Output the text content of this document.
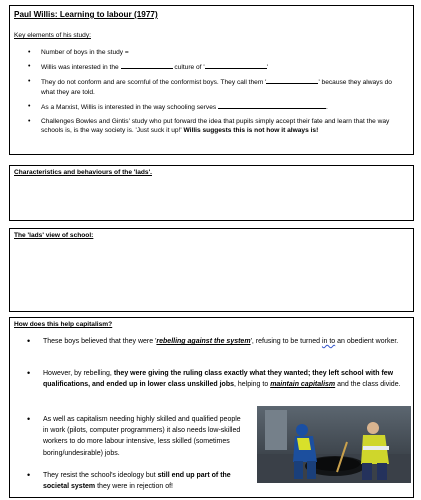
Paul Willis: Learning to labour (1977)
Key elements of his study:
• Number of boys in the study =
• Willis was interested in the	culture of '	'
• They do not conform and are scornful of the conformist boys. They call them '	' because they always do what they are told.
• As a Marxist, Willis is interested in the way schooling serves	.
• Challenges Bowles and Gintis' study who put forward the idea that pupils simply accept their fate and learn that the way schools is, is the way society is. 'Just suck it up!' Willis suggests this is not how it always is!
Characteristics and behaviours of the 'lads'.
The 'lads' view of school:
How does this help capitalism?
• These boys believed that they were 'rebelling against the system', refusing to be turned in to an obedient worker.
• However, by rebelling, they were giving the ruling class exactly what they wanted; they left school with few qualifications, and ended up in lower class unskilled jobs, helping to maintain capitalism and the class divide.
• As well as capitalism needing highly skilled and qualified people in work (pilots, computer programmers) it also needs low-skilled workers to do more labour intensive, less skilled (sometimes boring/undesirable) jobs.
• They resist the school's ideology but still end up part of the societal system they were in rejection of!
